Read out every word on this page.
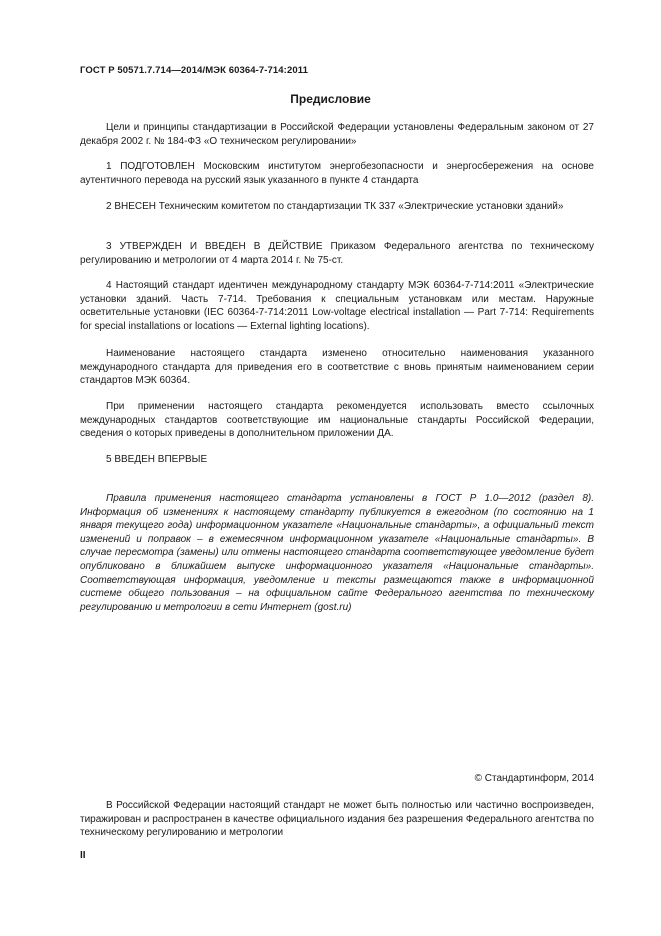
ГОСТ Р 50571.7.714—2014/МЭК 60364-7-714:2011
Предисловие

Цели и принципы стандартизации в Российской Федерации установлены Федеральным законом от 27 декабря 2002 г. № 184-ФЗ «О техническом регулировании»

1 ПОДГОТОВЛЕН Московским институтом энергобезопасности и энергосбережения на основе аутентичного перевода на русский язык указанного в пункте 4 стандарта

2 ВНЕСЕН Техническим комитетом по стандартизации ТК 337 «Электрические установки зданий»

3 УТВЕРЖДЕН И ВВЕДЕН В ДЕЙСТВИЕ Приказом Федерального агентства по техническому регулированию и метрологии от 4 марта 2014 г. № 75-ст.

4 Настоящий стандарт идентичен международному стандарту МЭК 60364-7-714:2011 «Электрические установки зданий. Часть 7-714. Требования к специальным установкам или местам. Наружные осветительные установки (IEC 60364-7-714:2011 Low-voltage electrical installation — Part 7-714: Requirements for special installations or locations — External lighting locations).

Наименование настоящего стандарта изменено относительно наименования указанного международного стандарта для приведения его в соответствие с вновь принятым наименованием серии стандартов МЭК 60364.

При применении настоящего стандарта рекомендуется использовать вместо ссылочных международных стандартов соответствующие им национальные стандарты Российской Федерации, сведения о которых приведены в дополнительном приложении ДА.

5 ВВЕДЕН ВПЕРВЫЕ

Правила применения настоящего стандарта установлены в ГОСТ Р 1.0—2012 (раздел 8). Информация об изменениях к настоящему стандарту публикуется в ежегодном (по состоянию на 1 января текущего года) информационном указателе «Национальные стандарты», а официальный текст изменений и поправок – в ежемесячном информационном указателе «Национальные стандарты». В случае пересмотра (замены) или отмены настоящего стандарта соответствующее уведомление будет опубликовано в ближайшем выпуске информационного указателя «Национальные стандарты». Соответствующая информация, уведомление и тексты размещаются также в информационной системе общего пользования – на официальном сайте Федерального агентства по техническому регулированию и метрологии в сети Интернет (gost.ru)

© Стандартинформ, 2014

В Российской Федерации настоящий стандарт не может быть полностью или частично воспроизведен, тиражирован и распространен в качестве официального издания без разрешения Федерального агентства по техническому регулированию и метрологии

II
